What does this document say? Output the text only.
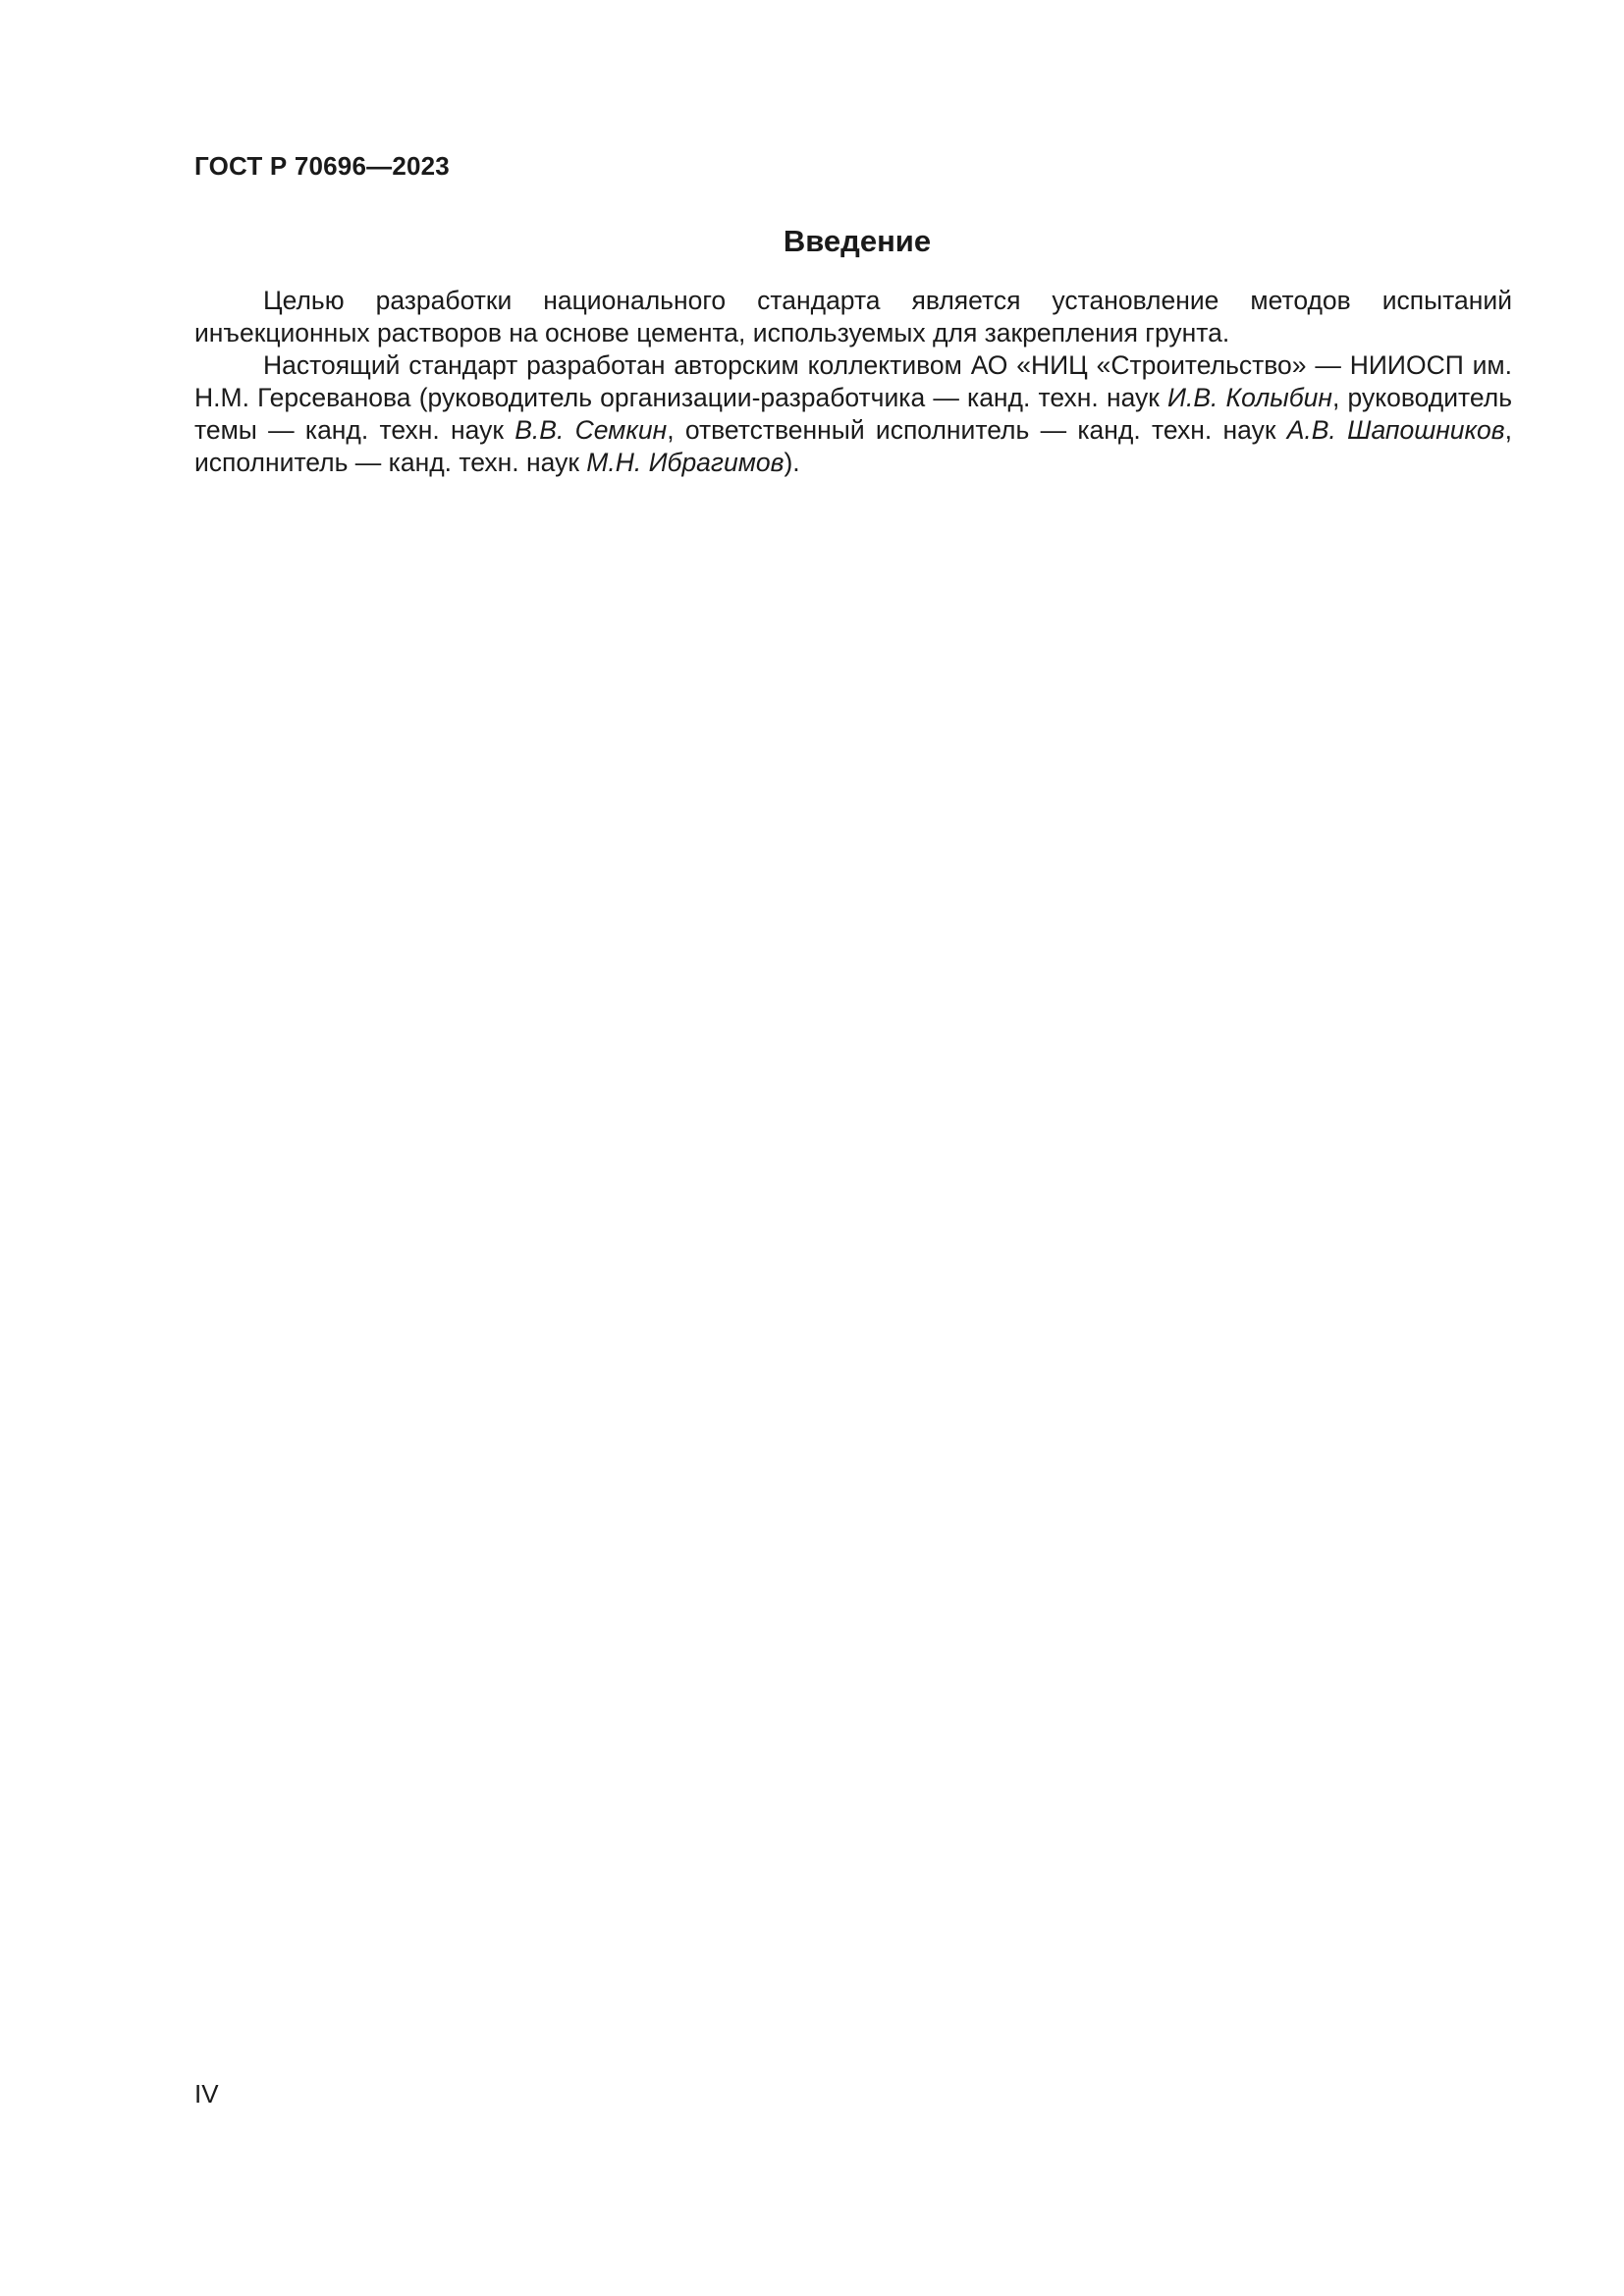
ГОСТ Р 70696—2023
Введение

Целью разработки национального стандарта является установление методов испытаний инъекционных растворов на основе цемента, используемых для закрепления грунта.

Настоящий стандарт разработан авторским коллективом АО «НИЦ «Строительство» — НИИОСП им. Н.М. Герсеванова (руководитель организации-разработчика — канд. техн. наук И.В. Колыбин, руководитель темы — канд. техн. наук В.В. Семкин, ответственный исполнитель — канд. техн. наук А.В. Шапошников, исполнитель — канд. техн. наук М.Н. Ибрагимов).

IV
